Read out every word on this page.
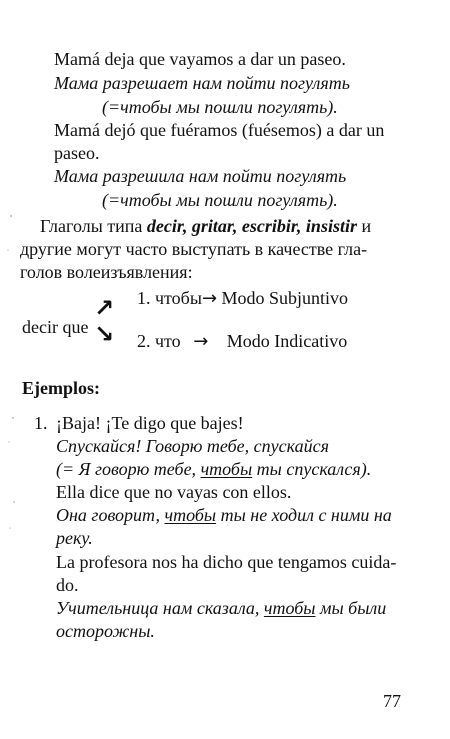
Mamá deja que vayamos a dar un paseo.
Мама разрешает нам пойти погулять
(=чтобы мы пошли погулять).
Mamá dejó que fuéramos (fuésemos) a dar un
paseo.
Мама разрешила нам пойти погулять
(=чтобы мы пошли погулять).
Глаголы типа decir, gritar, escribir, insistir и
другие могут часто выступать в качестве гла-
голов волеизъявления:
decir que
↗
↘
1. чтобы→ Modo Subjuntivo
2. что → Modo Indicativo
Ejemplos:
1. ¡Baja! ¡Te digo que bajes!
Спускайся! Говорю тебе, спускайся
(= Я говорю тебе, чтобы ты спускался).
Ella dice que no vayas con ellos.
Она говорит, чтобы ты не ходил с ними на
реку.
La profesora nos ha dicho que tengamos cuida-
do.
Учительница нам сказала, чтобы мы были
осторожны.
77
